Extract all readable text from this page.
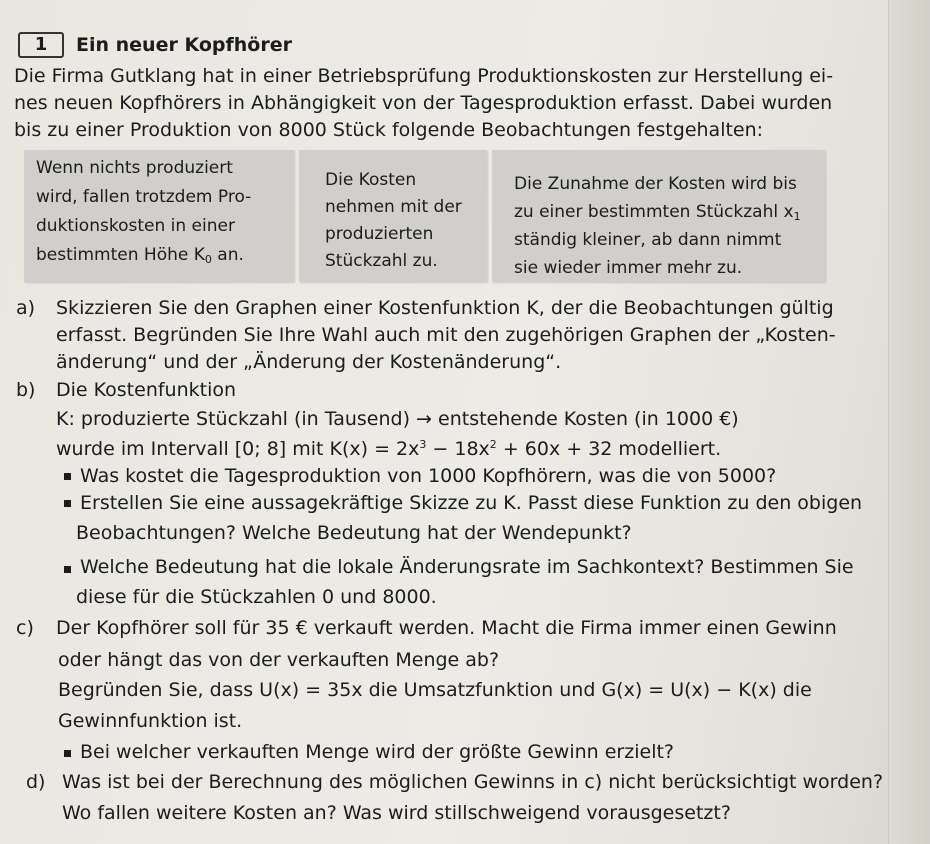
1	Ein neuer Kopfhörer
Die Firma Gutklang hat in einer Betriebsprüfung Produktionskosten zur Herstellung ei-
nes neuen Kopfhörers in Abhängigkeit von der Tagesproduktion erfasst. Dabei wurden
bis zu einer Produktion von 8000 Stück folgende Beobachtungen festgehalten:
Wenn nichts produziert
wird, fallen trotzdem Pro-
duktionskosten in einer
bestimmten Höhe $K_0$ an.
Die Kosten
nehmen mit der
produzierten
Stückzahl zu.
Die Zunahme der Kosten wird bis
zu einer bestimmten Stückzahl $x_1$
ständig kleiner, ab dann nimmt
sie wieder immer mehr zu.
a) Skizzieren Sie den Graphen einer Kostenfunktion K, der die Beobachtungen gültig
erfasst. Begründen Sie Ihre Wahl auch mit den zugehörigen Graphen der „Kosten-
änderung“ und der „Änderung der Kostenänderung“.
b) Die Kostenfunktion
K: produzierte Stückzahl (in Tausend) → entstehende Kosten (in 1000 €)
wurde im Intervall [0; 8] mit $K(x) = 2x^3 - 18x^2 + 60x + 32$ modelliert.
Was kostet die Tagesproduktion von 1000 Kopfhörern, was die von 5000?
Erstellen Sie eine aussagekräftige Skizze zu K. Passt diese Funktion zu den obigen
Beobachtungen? Welche Bedeutung hat der Wendepunkt?
Welche Bedeutung hat die lokale Änderungsrate im Sachkontext? Bestimmen Sie
diese für die Stückzahlen 0 und 8000.
c) Der Kopfhörer soll für 35 € verkauft werden. Macht die Firma immer einen Gewinn
oder hängt das von der verkauften Menge ab?
Begründen Sie, dass U(x) = 35x die Umsatzfunktion und G(x) = U(x) − K(x) die
Gewinnfunktion ist.
Bei welcher verkauften Menge wird der größte Gewinn erzielt?
d) Was ist bei der Berechnung des möglichen Gewinns in c) nicht berücksichtigt worden?
Wo fallen weitere Kosten an? Was wird stillschweigend vorausgesetzt?
